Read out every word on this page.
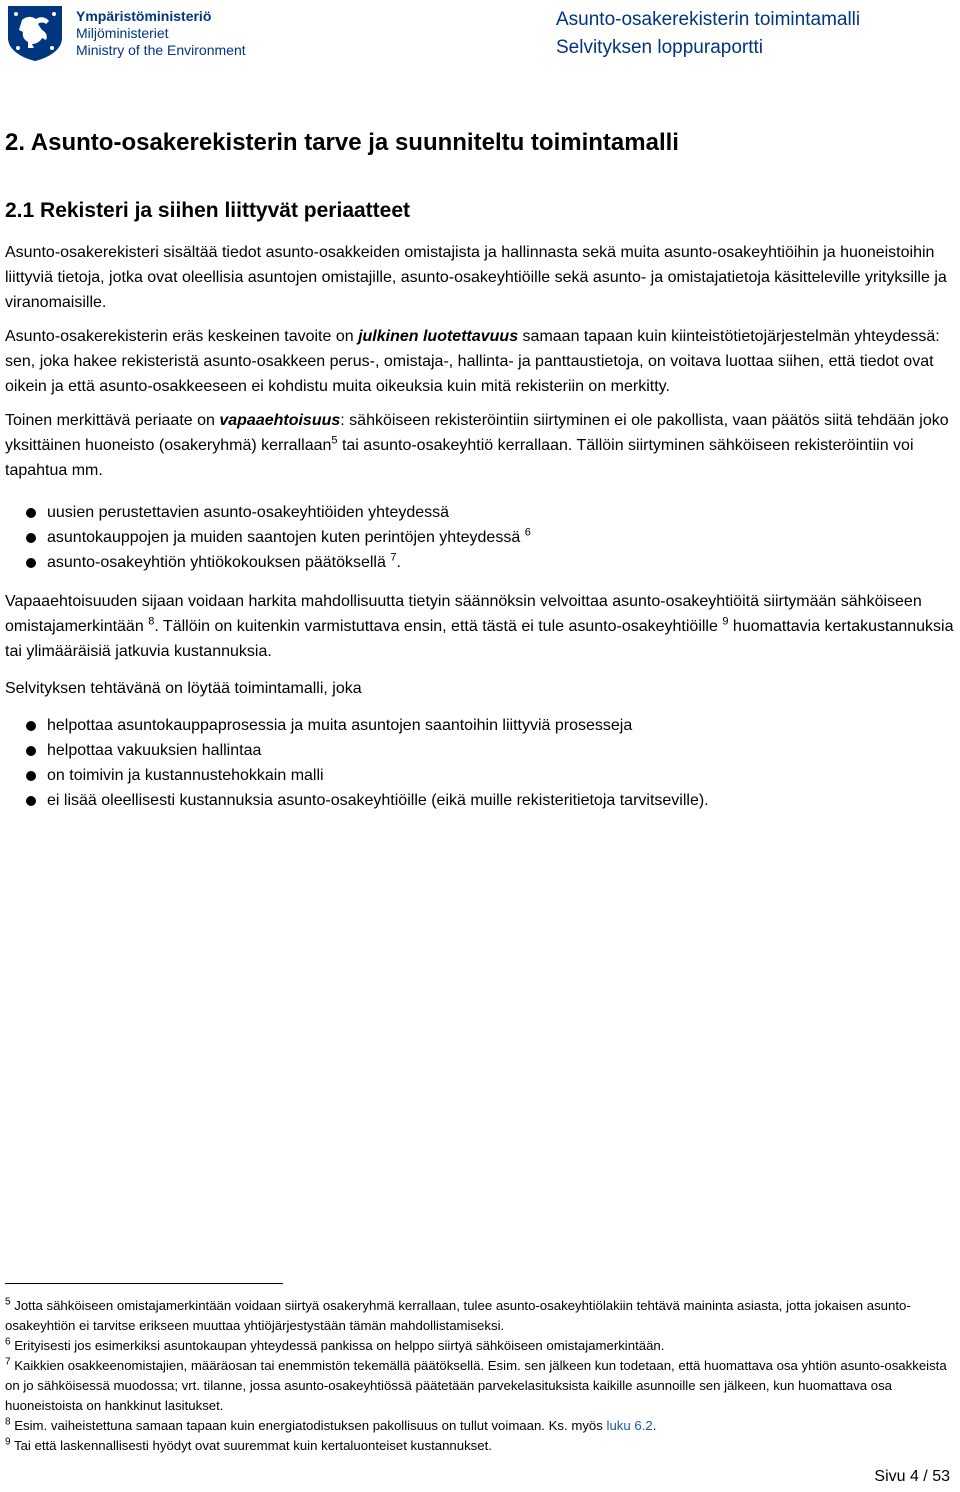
Ympäristöministeriö
Miljöministeriet
Ministry of the Environment
Asunto-osakerekisterin toimintamalli
Selvityksen loppuraportti
2. Asunto-osakerekisterin tarve ja suunniteltu toimintamalli
2.1 Rekisteri ja siihen liittyvät periaatteet

Asunto-osakerekisteri sisältää tiedot asunto-osakkeiden omistajista ja hallinnasta sekä muita asunto-osakeyhtiöihin ja huoneistoihin liittyviä tietoja, jotka ovat oleellisia asuntojen omistajille, asunto-osakeyhtiöille sekä asunto- ja omistajatietoja käsitteleville yrityksille ja viranomaisille.

Asunto-osakerekisterin eräs keskeinen tavoite on julkinen luotettavuus samaan tapaan kuin kiinteistötietojärjestelmän yhteydessä: sen, joka hakee rekisteristä asunto-osakkeen perus-, omistaja-, hallinta- ja panttaustietoja, on voitava luottaa siihen, että tiedot ovat oikein ja että asunto-osakkeeseen ei kohdistu muita oikeuksia kuin mitä rekisteriin on merkitty.

Toinen merkittävä periaate on vapaaehtoisuus: sähköiseen rekisteröintiin siirtyminen ei ole pakollista, vaan päätös siitä tehdään joko yksittäinen huoneisto (osakeryhmä) kerrallaan$^5$ tai asunto-osakeyhtiö kerrallaan. Tällöin siirtyminen sähköiseen rekisteröintiin voi tapahtua mm.

uusien perustettavien asunto-osakeyhtiöiden yhteydessä
asuntokauppojen ja muiden saantojen kuten perintöjen yhteydessä $^6$
asunto-osakeyhtiön yhtiökokouksen päätöksellä $^7$.

Vapaaehtoisuuden sijaan voidaan harkita mahdollisuutta tietyin säännöksin velvoittaa asunto-osakeyhtiöitä siirtymään sähköiseen omistajamerkintään $^8$. Tällöin on kuitenkin varmistuttava ensin, että tästä ei tule asunto-osakeyhtiöille $^9$ huomattavia kertakustannuksia tai ylimääräisiä jatkuvia kustannuksia.

Selvityksen tehtävänä on löytää toimintamalli, joka

helpottaa asuntokauppaprosessia ja muita asuntojen saantoihin liittyviä prosesseja
helpottaa vakuuksien hallintaa
on toimivin ja kustannustehokkain malli
ei lisää oleellisesti kustannuksia asunto-osakeyhtiöille (eikä muille rekisteritietoja tarvitseville).

$^5$ Jotta sähköiseen omistajamerkintään voidaan siirtyä osakeryhmä kerrallaan, tulee asunto-osakeyhtiölakiin tehtävä maininta asiasta, jotta jokaisen asunto-osakeyhtiön ei tarvitse erikseen muuttaa yhtiöjärjestystään tämän mahdollistamiseksi.

$^6$ Erityisesti jos esimerkiksi asuntokaupan yhteydessä pankissa on helppo siirtyä sähköiseen omistajamerkintään.

$^7$ Kaikkien osakkeenomistajien, määräosan tai enemmistön tekemällä päätöksellä. Esim. sen jälkeen kun todetaan, että huomattava osa yhtiön asunto-osakkeista on jo sähköisessä muodossa; vrt. tilanne, jossa asunto-osakeyhtiössä päätetään parvekelasituksista kaikille asunnoille sen jälkeen, kun huomattava osa huoneistoista on hankkinut lasitukset.

$^8$ Esim. vaiheistettuna samaan tapaan kuin energiatodistuksen pakollisuus on tullut voimaan. Ks. myös luku 6.2.

$^9$ Tai että laskennallisesti hyödyt ovat suuremmat kuin kertaluonteiset kustannukset.

Sivu 4 / 53
